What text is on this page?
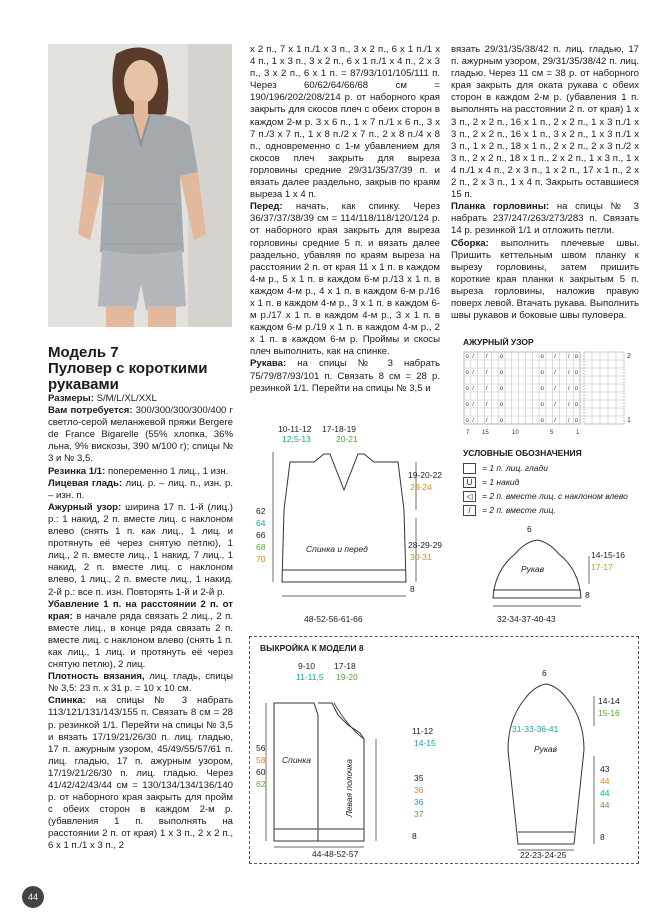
Модель 7
Пуловер с короткими рукавами

Размеры: S/M/L/XL/XXL

Вам потребуется: 300/300/300/300/400 г светло-серой меланжевой пряжи Bergere de France Bigarelle (55% хлопка, 36% льна, 9% вискозы, 390 м/100 г); спицы № 3 и № 3,5.

Резинка 1/1: попеременно 1 лиц., 1 изн.

Лицевая гладь: лиц. р. – лиц. п., изн. р. – изн. п.

Ажурный узор: ширина 17 п. 1-й (лиц.) р.: 1 накид, 2 п. вместе лиц. с наклоном влево (снять 1 п. как лиц., 1 лиц. и протянуть её через снятую петлю), 1 лиц., 2 п. вместе лиц., 1 накид, 7 лиц., 1 накид, 2 п. вместе лиц. с наклоном влево, 1 лиц., 2 п. вместе лиц., 1 накид. 2-й р.: все п. изн. Повторять 1-й и 2-й р.

Убавление 1 п. на расстоянии 2 п. от края: в начале ряда связать 2 лиц., 2 п. вместе лиц., в конце ряда связать 2 п. вместе лиц. с наклоном влево (снять 1 п. как лиц., 1 лиц. и протянуть её через снятую петлю), 2 лиц.

Плотность вязания, лиц. гладь, спицы № 3,5: 23 п. х 31 р. = 10 х 10 см.

Спинка: на спицы № 3 набрать 113/121/131/143/155 п. Связать 8 см = 28 р. резинкой 1/1. Перейти на спицы № 3,5 и вязать 17/19/21/26/30 п. лиц. гладью, 17 п. ажурным узором, 45/49/55/57/61 п. лиц. гладью, 17 п. ажурным узором, 17/19/21/26/30 п. лиц. гладью. Через 41/42/42/43/44 см = 130/134/134/136/140 р. от наборного края закрыть для пройм с обеих сторон в каждом 2-м р. (убавления 1 п. выполнять на расстоянии 2 п. от края) 1 х 3 п., 2 х 2 п., 6 х 1 п./1 х 3 п., 2

х 2 п., 7 х 1 п./1 х 3 п., 3 х 2 п., 6 х 1 п./1 х 4 п., 1 х 3 п., 3 х 2 п., 6 х 1 п./1 х 4 п., 2 х 3 п., 3 х 2 п., 6 х 1 п. = 87/93/101/105/111 п. Через 60/62/64/66/68 см = 190/196/202/208/214 р. от наборного края закрыть для скосов плеч с обеих сторон в каждом 2-м р. 3 х 6 п., 1 х 7 п./1 х 6 п., 3 х 7 п./3 х 7 п., 1 х 8 п./2 х 7 п., 2 х 8 п./4 х 8 п., одновременно с 1-м убавлением для скосов плеч закрыть для выреза горловины средние 29/31/35/37/39 п. и вязать далее раздельно, закрыв по краям выреза 1 х 4 п.

Перед: начать, как спинку. Через 36/37/37/38/39 см = 114/118/118/120/124 р. от наборного края закрыть для выреза горловины средние 5 п. и вязать далее раздельно, убавляя по краям выреза на расстоянии 2 п. от края 11 х 1 п. в каждом 4-м р., 5 х 1 п. в каждом 6-м р./13 х 1 п. в каждом 4-м р., 4 х 1 п. в каждом 6-м р./16 х 1 п. в каждом 4-м р., 3 х 1 п. в каждом 6-м р./17 х 1 п. в каждом 4-м р., 3 х 1 п. в каждом 6-м р./19 х 1 п. в каждом 4-м р., 2 х 1 п. в каждом 6-м р. Проймы и скосы плеч выполнить, как на спинке.

Рукава: на спицы № 3 набрать 75/79/87/93/101 п. Связать 8 см = 28 р. резинкой 1/1. Перейти на спицы № 3,5 и

вязать 29/31/35/38/42 п. лиц. гладью, 17 п. ажурным узором, 29/31/35/38/42 п. лиц. гладью. Через 11 см = 38 р. от наборного края закрыть для оката рукава с обеих сторон в каждом 2-м р. (убавления 1 п. выполнять на расстоянии 2 п. от края) 1 х 3 п., 2 х 2 п., 16 х 1 п., 2 х 2 п., 1 х 3 п./1 х 3 п., 2 х 2 п., 16 х 1 п., 3 х 2 п., 1 х 3 п./1 х 3 п., 1 х 2 п., 18 х 1 п., 2 х 2 п., 2 х 3 п./2 х 3 п., 2 х 2 п., 18 х 1 п., 2 х 2 п., 1 х 3 п., 1 х 4 п./1 х 4 п., 2 х 3 п., 1 х 2 п., 17 х 1 п., 2 х 2 п., 2 х 3 п., 1 х 4 п. Закрыть оставшиеся 15 п.

Планка горловины: на спицы № 3 набрать 237/247/263/273/283 п. Связать 14 р. резинкой 1/1 и отложить петли.

Сборка: выполнить плечевые швы. Пришить кеттельным швом планку к вырезу горловины, затем пришить короткие края планки к закрытым 5 п. выреза горловины, наложив правую поверх левой. Втачать рукава. Выполнить швы рукавов и боковые швы пуловера.

АЖУРНЫЙ УЗОР
o / / o	o / / o
o / / o	o / / o
o / / o	o / / o
o / / o	o / / o
o / / o	o / / o	2
1
7 15	10	5	1
УСЛОВНЫЕ ОБОЗНАЧЕНИЯ
= 1 п. лиц. глади
U	= 1 накид
◁	= 2 п. вместе лиц. с наклоном влево
/	= 2 п. вместе лиц.
10-11-12
12,5-13
17-18-19
20-21
19-20-22
23-24
28-29-29
30-31
8
62
64
66
68
70
Спинка и перед
48-52-56-61-66
6
14-15-16
17-17
8
Рукав
32-34-37-40-43
ВЫКРОЙКА К МОДЕЛИ 8
9-10
11-11,5
17-18
19-20
56
58
60
62
11-12
14-15
35
36
36
37
8
Спинка	Левая полочка
44-48-52-57
6
14-14
15-16
31-33-36-41
43
44
44
44
8
Рукав
22-23-24-25
44
